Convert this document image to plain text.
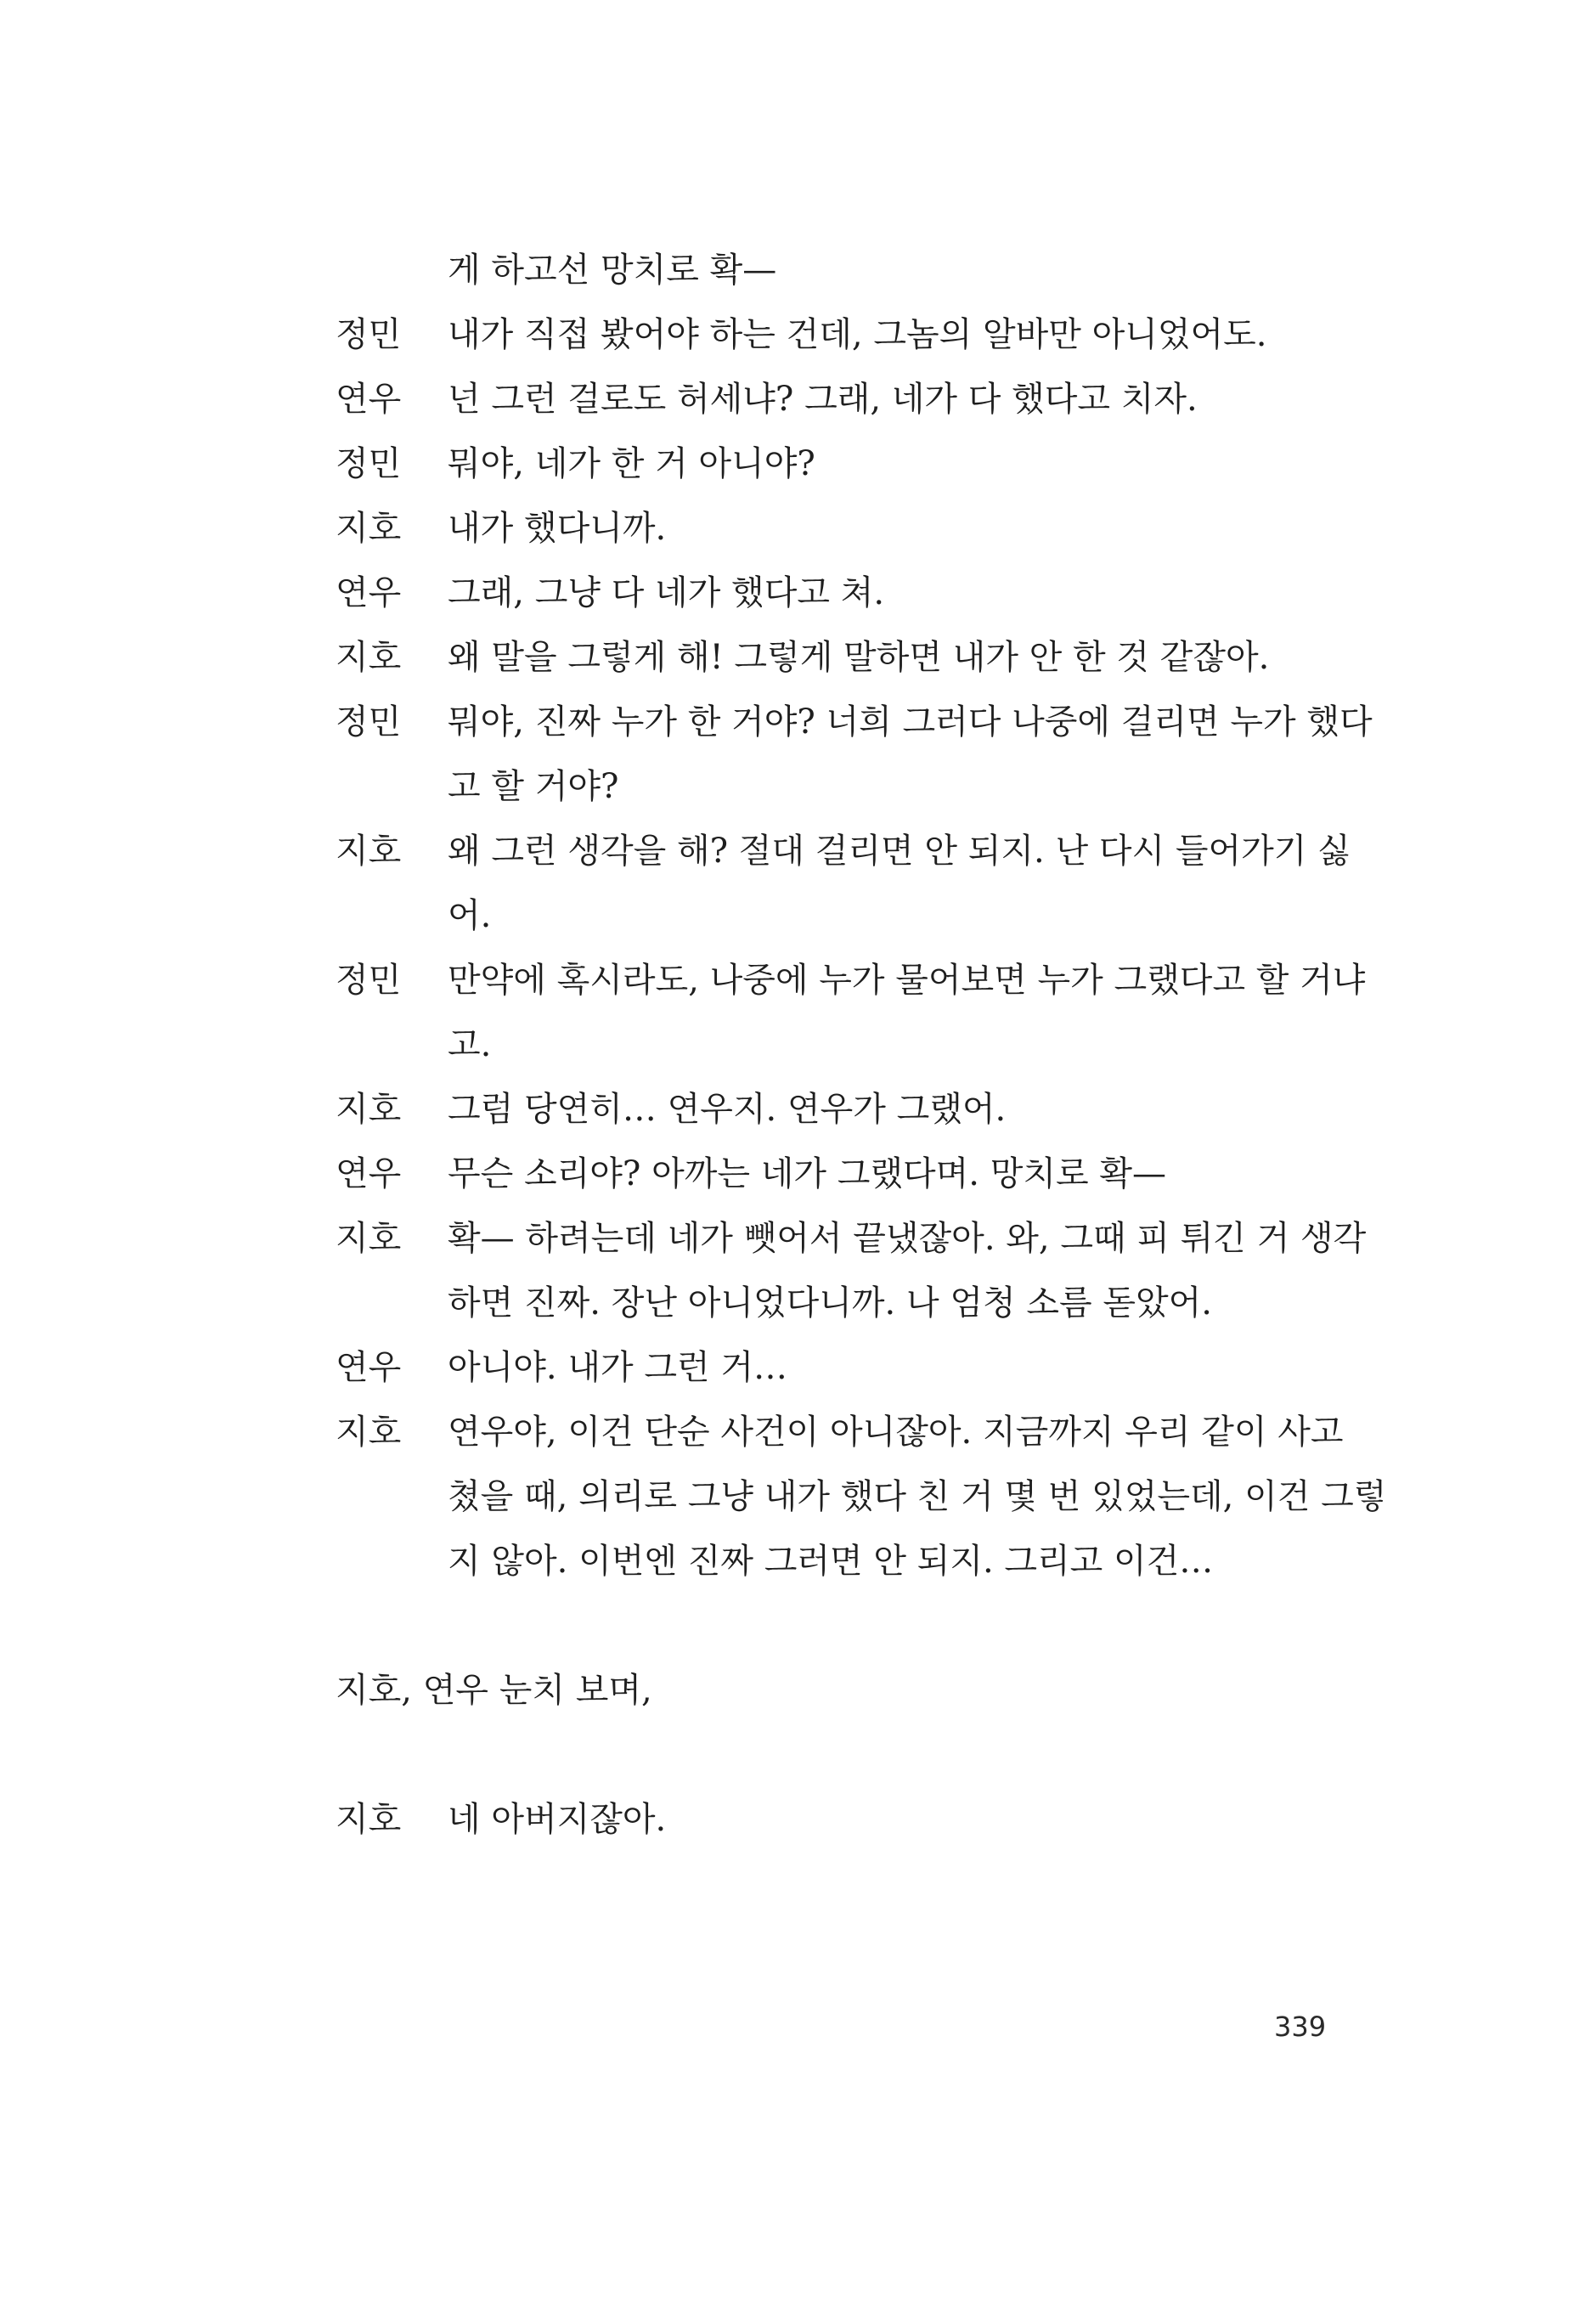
게 하고선 망치로 확—
정민	내가 직접 봤어야 하는 건데, 그놈의 알바만 아니었어도.
연우	넌 그런 걸로도 허세냐? 그래, 네가 다 했다고 치자.
정민	뭐야, 네가 한 거 아니야?
지호	내가 했다니까.
연우	그래, 그냥 다 네가 했다고 쳐.
지호	왜 말을 그렇게 해! 그렇게 말하면 내가 안 한 것 같잖아.
정민	뭐야, 진짜 누가 한 거야? 너희 그러다 나중에 걸리면 누가 했다
고 할 거야?
지호	왜 그런 생각을 해? 절대 걸리면 안 되지. 난 다시 들어가기 싫
어.
정민	만약에 혹시라도, 나중에 누가 물어보면 누가 그랬다고 할 거냐
고.
지호	그럼 당연히… 연우지. 연우가 그랬어.
연우	무슨 소리야? 아까는 네가 그랬다며. 망치로 확—
지호	확— 하려는데 네가 뺏어서 끝냈잖아. 와, 그때 피 튀긴 거 생각
하면 진짜. 장난 아니었다니까. 나 엄청 소름 돋았어.
연우	아니야. 내가 그런 거…
지호	연우야, 이건 단순 사건이 아니잖아. 지금까지 우리 같이 사고
쳤을 때, 의리로 그냥 내가 했다 친 거 몇 번 있었는데, 이건 그렇
지 않아. 이번엔 진짜 그러면 안 되지. 그리고 이건…
지호, 연우 눈치 보며,
지호	네 아버지잖아.
339
